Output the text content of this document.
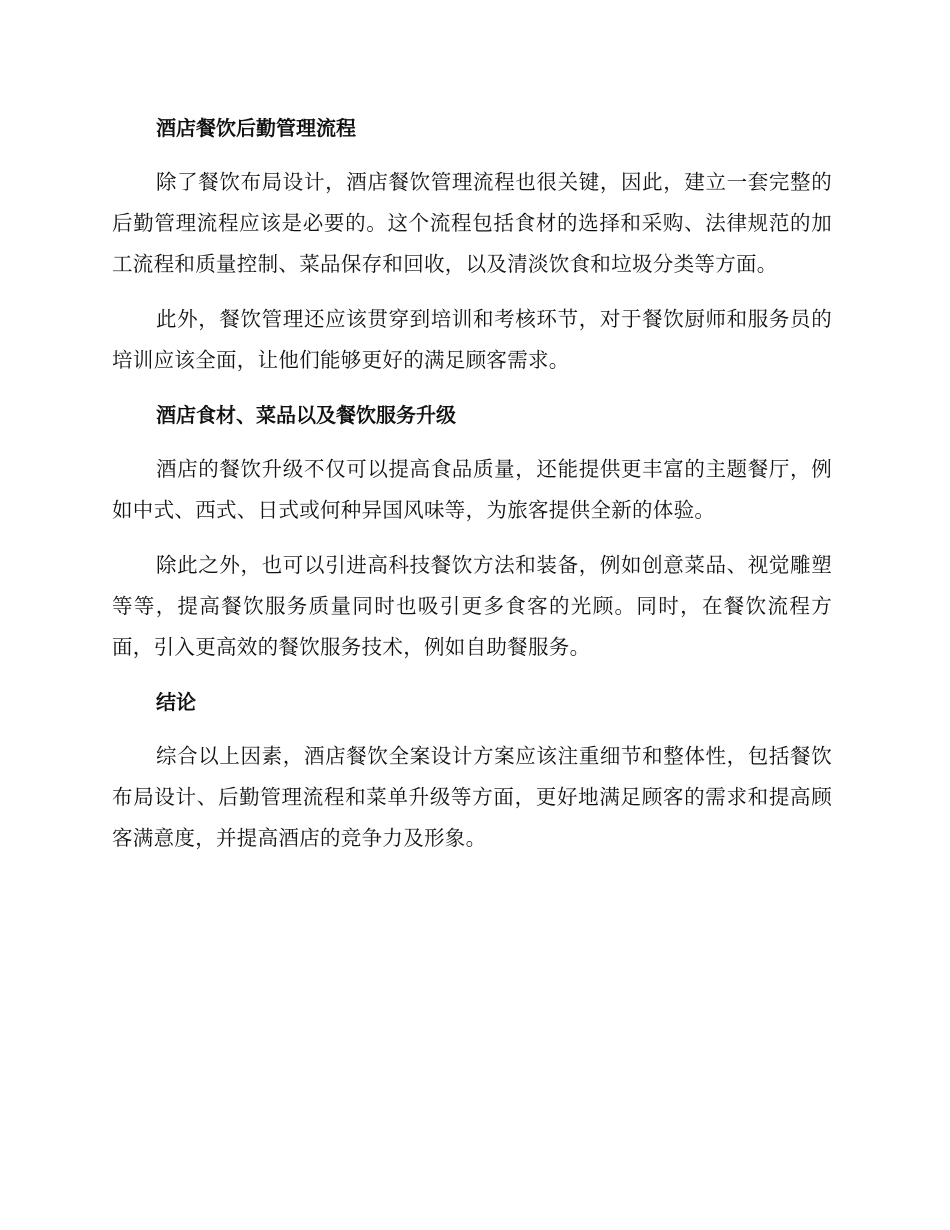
酒店餐饮后勤管理流程

除了餐饮布局设计，酒店餐饮管理流程也很关键，因此，建立一套完整的后勤管理流程应该是必要的。这个流程包括食材的选择和采购、法律规范的加工流程和质量控制、菜品保存和回收，以及清淡饮食和垃圾分类等方面。

此外，餐饮管理还应该贯穿到培训和考核环节，对于餐饮厨师和服务员的培训应该全面，让他们能够更好的满足顾客需求。

酒店食材、菜品以及餐饮服务升级

酒店的餐饮升级不仅可以提高食品质量，还能提供更丰富的主题餐厅，例如中式、西式、日式或何种异国风味等，为旅客提供全新的体验。

除此之外，也可以引进高科技餐饮方法和装备，例如创意菜品、视觉雕塑等等，提高餐饮服务质量同时也吸引更多食客的光顾。同时，在餐饮流程方面，引入更高效的餐饮服务技术，例如自助餐服务。

结论

综合以上因素，酒店餐饮全案设计方案应该注重细节和整体性，包括餐饮布局设计、后勤管理流程和菜单升级等方面，更好地满足顾客的需求和提高顾客满意度，并提高酒店的竞争力及形象。
